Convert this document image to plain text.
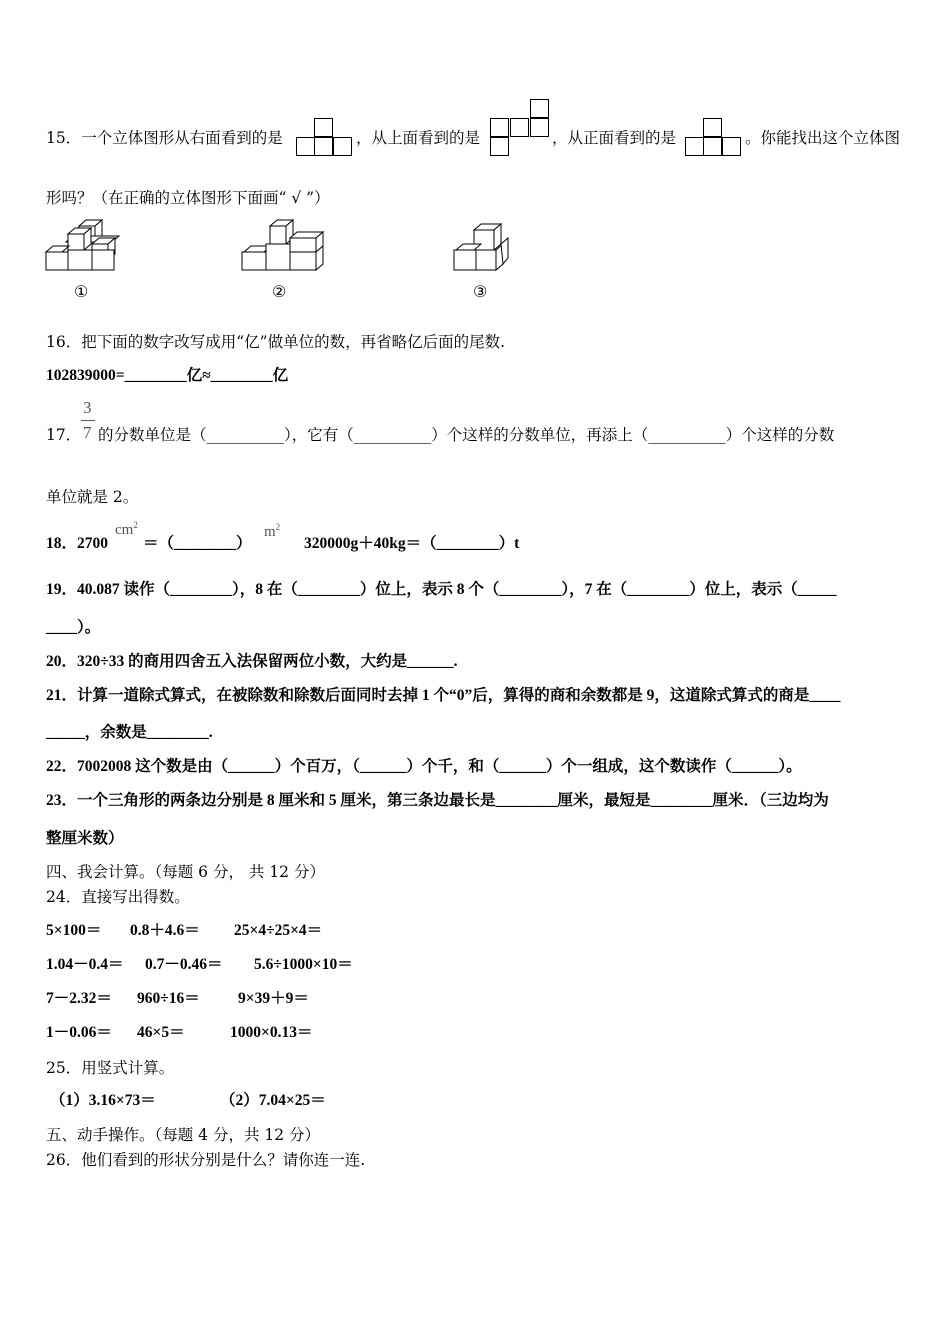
15．一个立体图形从右面看到的是	，从上面看到的是	，从正面看到的是	。你能找出这个立体图
形吗？（在正确的立体图形下面画“ √ ”）
①	②	③
16．把下面的数字改写成用“亿”做单位的数，再省略亿后面的尾数.
102839000=________亿≈________亿
17．
3
7 的分数单位是（__________），它有（__________）个这样的分数单位，再添上（__________）个这样的分数
单位就是 2。
18．2700
$cm^2$
＝（________）
$m^2$
320000g＋40kg＝（________）t
19．40.087 读作（________），8 在（________）位上，表示 8 个（________），7 在（________）位上，表示（_____
____）。
20．320÷33 的商用四舍五入法保留两位小数，大约是______.
21．计算一道除式算式，在被除数和除数后面同时去掉 1 个“0”后，算得的商和余数都是 9，这道除式算式的商是____
_____，余数是________.
22．7002008 这个数是由（______）个百万，（______）个千，和（______）个一组成，这个数读作（______）。
23．一个三角形的两条边分别是 8 厘米和 5 厘米，第三条边最长是________厘米，最短是________厘米．（三边均为
整厘米数）
四、我会计算。（每题 6 分， 共 12 分）
24．直接写出得数。
5×100＝ 0.8＋4.6＝ 25×4÷25×4＝
1.04－0.4＝ 0.7－0.46＝ 5.6÷1000×10＝
7－2.32＝ 960÷16＝ 9×39＋9＝
1－0.06＝ 46×5＝	1000×0.13＝
25．用竖式计算。
（1）3.16×73＝	（2）7.04×25＝
五、动手操作。（每题 4 分，共 12 分）
26．他们看到的形状分别是什么？请你连一连.
